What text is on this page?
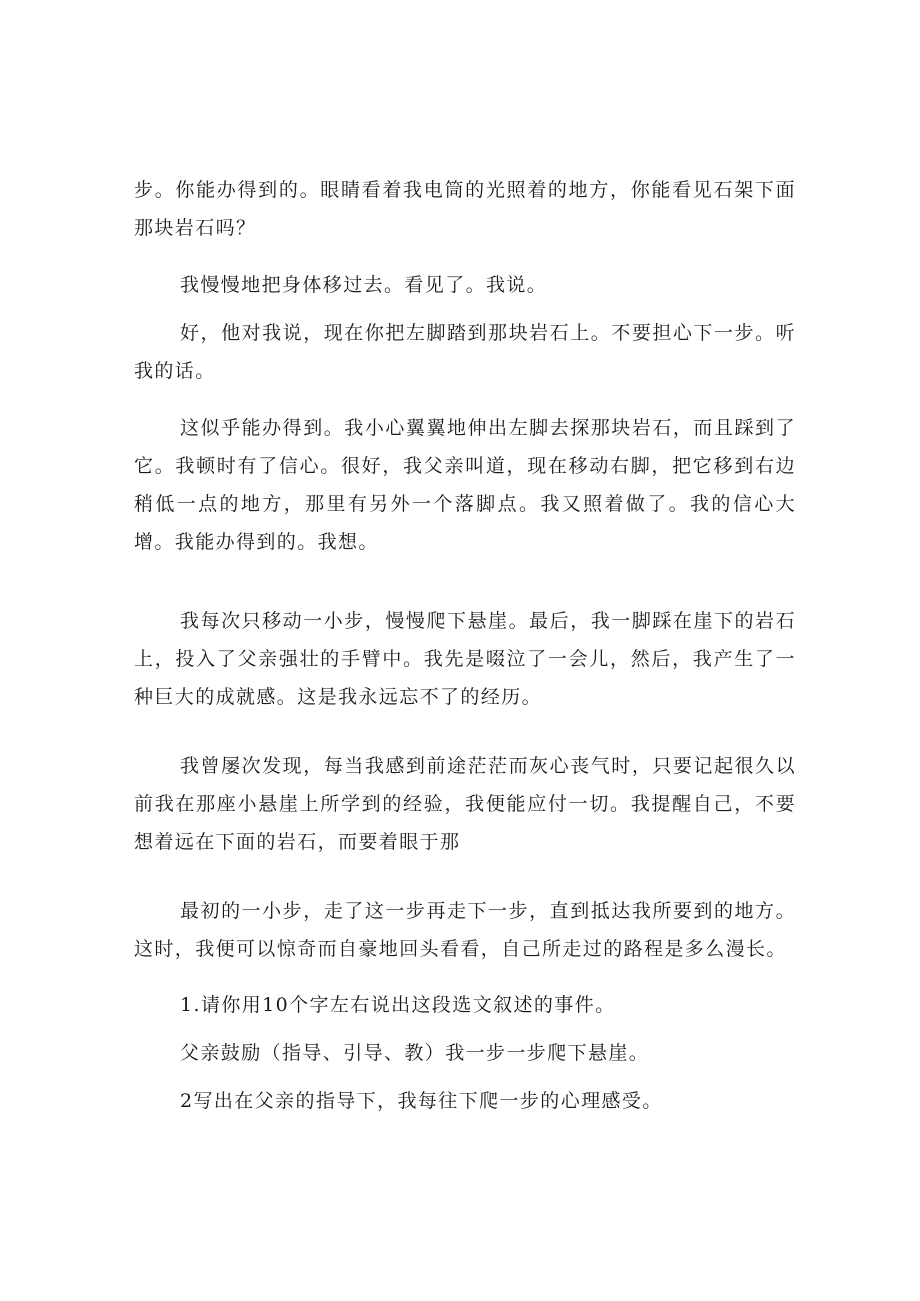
步。你能办得到的。眼睛看着我电筒的光照着的地方，你能看见石架下面那块岩石吗？

我慢慢地把身体移过去。看见了。我说。

好，他对我说，现在你把左脚踏到那块岩石上。不要担心下一步。听我的话。

这似乎能办得到。我小心翼翼地伸出左脚去探那块岩石，而且踩到了它。我顿时有了信心。很好，我父亲叫道，现在移动右脚，把它移到右边稍低一点的地方，那里有另外一个落脚点。我又照着做了。我的信心大增。我能办得到的。我想。

我每次只移动一小步，慢慢爬下悬崖。最后，我一脚踩在崖下的岩石上，投入了父亲强壮的手臂中。我先是啜泣了一会儿，然后，我产生了一种巨大的成就感。这是我永远忘不了的经历。

我曾屡次发现，每当我感到前途茫茫而灰心丧气时，只要记起很久以前我在那座小悬崖上所学到的经验，我便能应付一切。我提醒自己，不要想着远在下面的岩石，而要着眼于那

最初的一小步，走了这一步再走下一步，直到抵达我所要到的地方。这时，我便可以惊奇而自豪地回头看看，自己所走过的路程是多么漫长。

1.请你用10个字左右说出这段选文叙述的事件。

父亲鼓励（指导、引导、教）我一步一步爬下悬崖。

2写出在父亲的指导下，我每往下爬一步的心理感受。
